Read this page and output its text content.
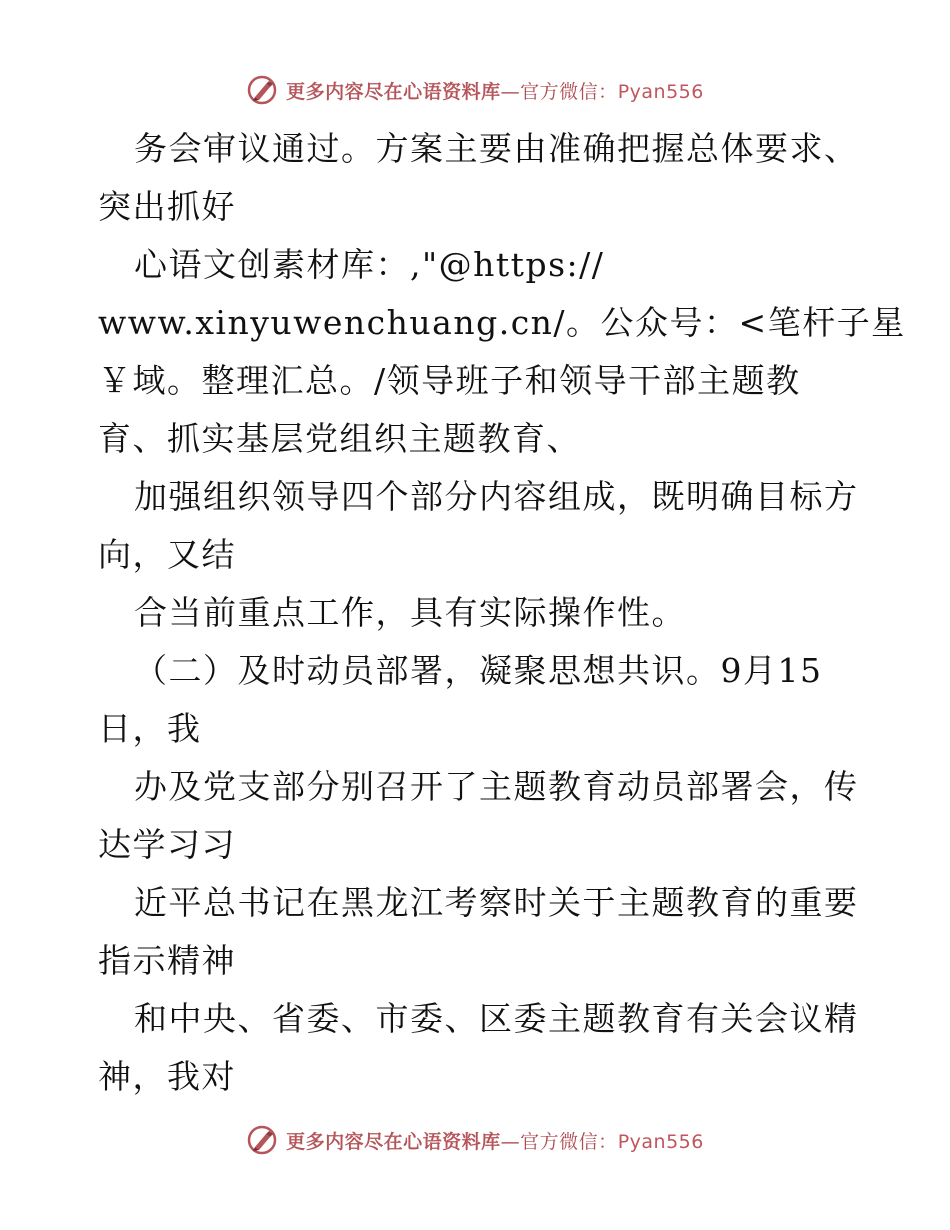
更多内容尽在心语资料库—官方微信：Pyan556
务会审议通过。方案主要由准确把握总体要求、
突出抓好
心语文创素材库：,"@https://
www.xinyuwenchuang.cn/。公众号：<笔杆子星
￥域。整理汇总。/领导班子和领导干部主题教
育、抓实基层党组织主题教育、
加强组织领导四个部分内容组成，既明确目标方
向，又结
合当前重点工作，具有实际操作性。
（二）及时动员部署，凝聚思想共识。9月15
日，我
办及党支部分别召开了主题教育动员部署会，传
达学习习
近平总书记在黑龙江考察时关于主题教育的重要
指示精神
和中央、省委、市委、区委主题教育有关会议精
神，我对
更多内容尽在心语资料库—官方微信：Pyan556
